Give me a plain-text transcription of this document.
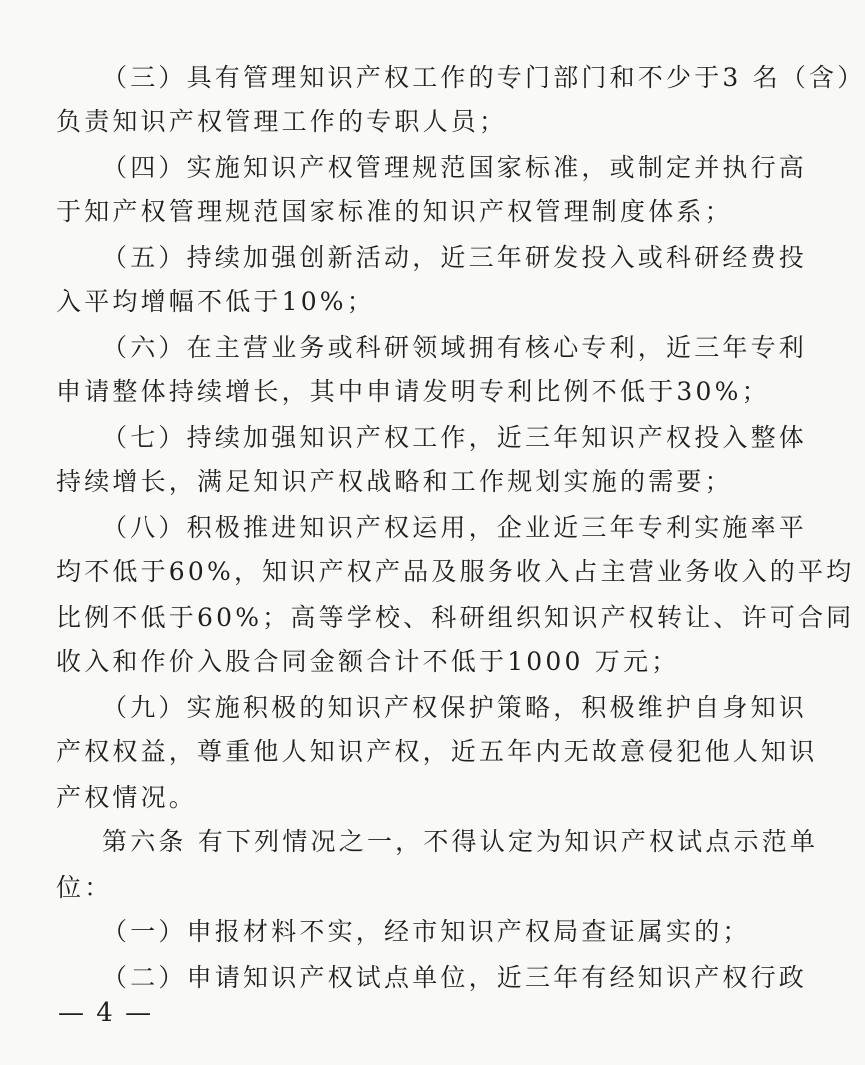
（三）具有管理知识产权工作的专门部门和不少于3 名（含）
负责知识产权管理工作的专职人员；
（四）实施知识产权管理规范国家标准，或制定并执行高
于知产权管理规范国家标准的知识产权管理制度体系；
（五）持续加强创新活动，近三年研发投入或科研经费投
入平均增幅不低于10%；
（六）在主营业务或科研领域拥有核心专利，近三年专利
申请整体持续增长，其中申请发明专利比例不低于30%；
（七）持续加强知识产权工作，近三年知识产权投入整体
持续增长，满足知识产权战略和工作规划实施的需要；
（八）积极推进知识产权运用，企业近三年专利实施率平
均不低于60%，知识产权产品及服务收入占主营业务收入的平均
比例不低于60%；高等学校、科研组织知识产权转让、许可合同
收入和作价入股合同金额合计不低于1000 万元；
（九）实施积极的知识产权保护策略，积极维护自身知识
产权权益，尊重他人知识产权，近五年内无故意侵犯他人知识
产权情况。
第六条 有下列情况之一，不得认定为知识产权试点示范单
位：
（一）申报材料不实，经市知识产权局查证属实的；
（二）申请知识产权试点单位，近三年有经知识产权行政
— 4 —
